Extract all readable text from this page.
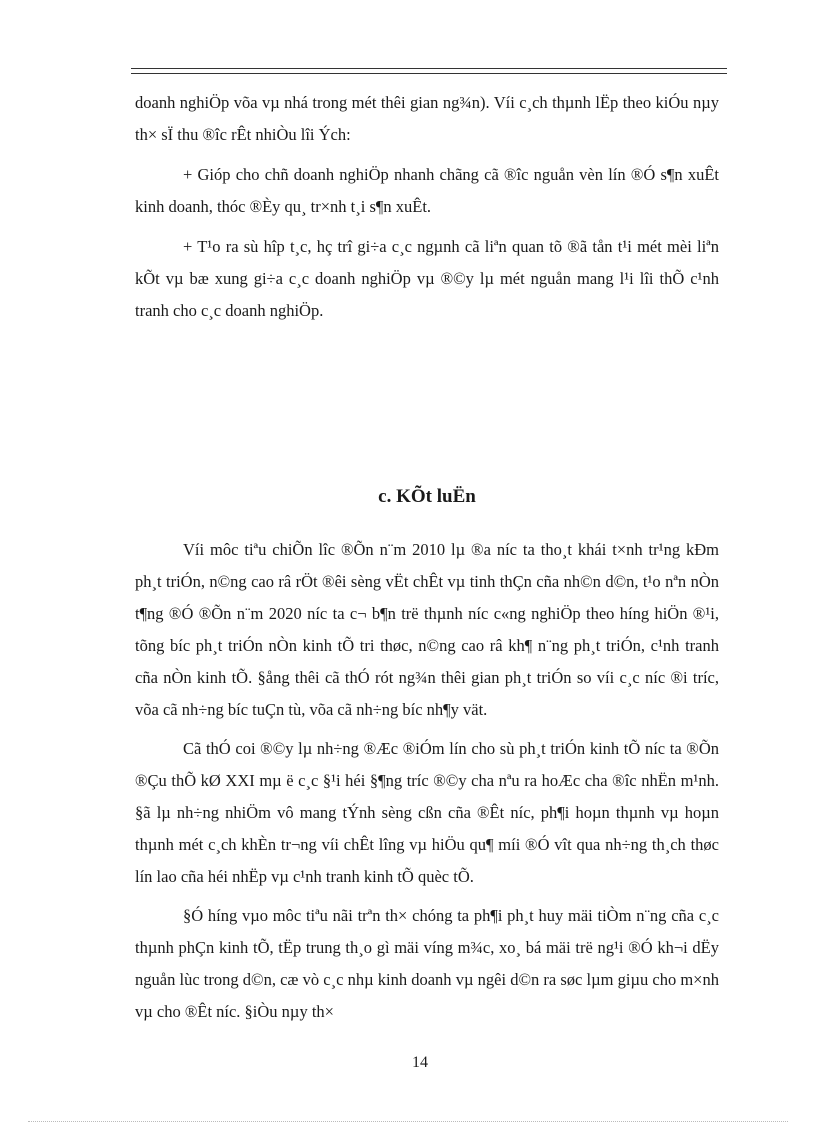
doanh nghiÖp võa vµ nhá trong mét thêi gian ng¾n). Víi c¸ch thµnh lËp theo kiÓu nµy th× sÏ thu ®îc rÊt nhiÒu lîi Ých:

+ Gióp cho chñ doanh nghiÖp nhanh chãng cã ®îc nguån vèn lín ®Ó s¶n xuÊt kinh doanh, thóc ®Èy qu¸ tr×nh t¸i s¶n xuÊt.

+ T¹o ra sù hîp t¸c, hç trî gi÷a c¸c ngµnh cã liªn quan tõ ®ã tån t¹i mét mèi liªn kÕt vµ bæ xung gi÷a c¸c doanh nghiÖp vµ ®©y lµ mét nguån mang l¹i lîi thÕ c¹nh tranh cho c¸c doanh nghiÖp.

c. KÕt luËn

Víi môc tiªu chiÕn lîc ®Õn n¨m 2010 lµ ®a níc ta tho¸t khái t×nh tr¹ng kÐm ph¸t triÓn, n©ng cao râ rÖt ®êi sèng vËt chÊt vµ tinh thÇn cña nh©n d©n, t¹o nªn nÒn t¶ng ®Ó ®Õn n¨m 2020 níc ta c¬ b¶n trë thµnh níc c«ng nghiÖp theo híng hiÖn ®¹i, tõng bíc ph¸t triÓn nÒn kinh tÕ tri thøc, n©ng cao râ kh¶ n¨ng ph¸t triÓn, c¹nh tranh cña nÒn kinh tÕ. §ång thêi cã thÓ rót ng¾n thêi gian ph¸t triÓn so víi c¸c níc ®i tríc, võa cã nh÷ng bíc tuÇn tù, võa cã nh÷ng bíc nh¶y vät.

Cã thÓ coi ®©y lµ nh÷ng ®Æc ®iÓm lín cho sù ph¸t triÓn kinh tÕ níc ta ®Õn ®Çu thÕ kØ XXI mµ ë c¸c §¹i héi §¶ng tríc ®©y cha nªu ra hoÆc cha ®îc nhËn m¹nh. §ã lµ nh÷ng nhiÖm vô mang tÝnh sèng cßn cña ®Êt níc, ph¶i hoµn thµnh vµ hoµn thµnh mét c¸ch khÈn tr¬ng víi chÊt lîng vµ hiÖu qu¶ míi ®Ó vît qua nh÷ng th¸ch thøc lín lao cña héi nhËp vµ c¹nh tranh kinh tÕ quèc tÕ.

§Ó híng vµo môc tiªu nãi trªn th× chóng ta ph¶i ph¸t huy mäi tiÒm n¨ng cña c¸c thµnh phÇn kinh tÕ, tËp trung th¸o gì mäi víng m¾c, xo¸ bá mäi trë ng¹i ®Ó kh¬i dËy nguån lùc trong d©n, cæ vò c¸c nhµ kinh doanh vµ ngêi d©n ra søc lµm giµu cho m×nh vµ cho ®Êt níc. §iÒu nµy th×

14
